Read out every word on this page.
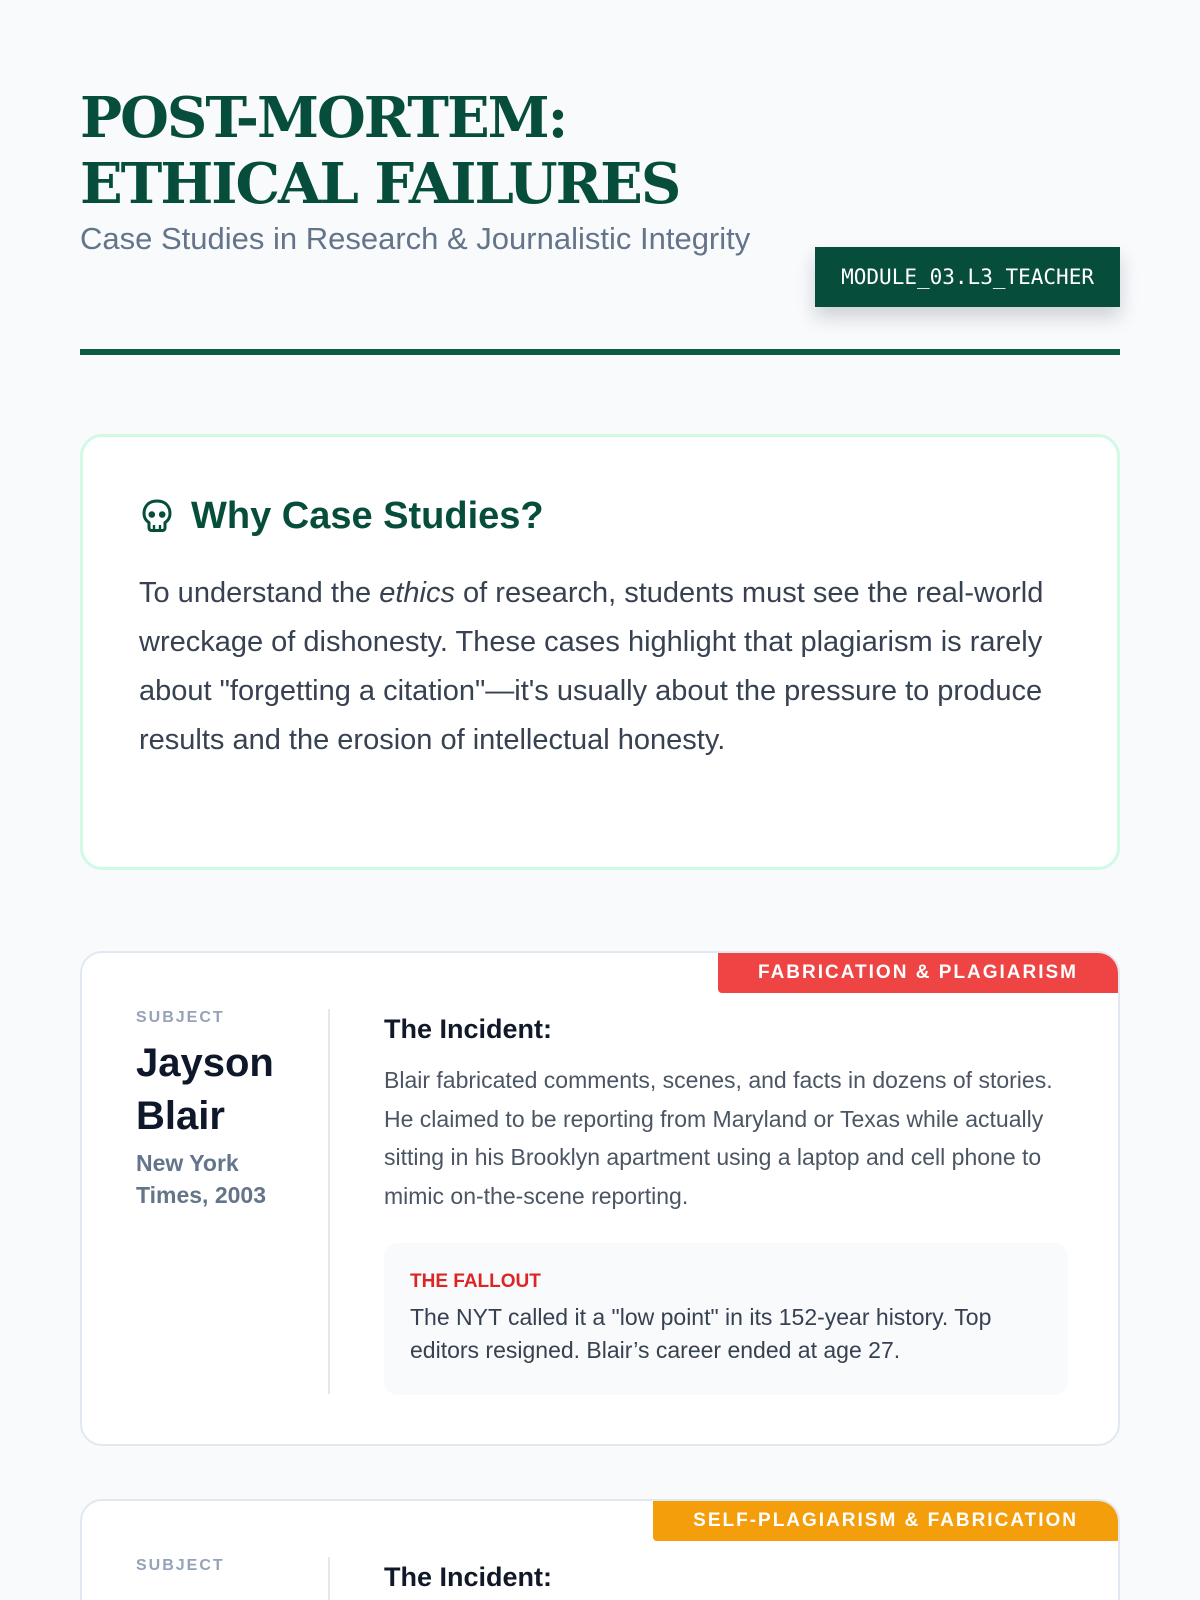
POST-MORTEM:
ETHICAL FAILURES

Case Studies in Research & Journalistic Integrity

MODULE_03.L3_TEACHER
Why Case Studies?

To understand the ethics of research, students must see the real-world wreckage of dishonesty. These cases highlight that plagiarism is rarely about "forgetting a citation"—it's usually about the pressure to produce results and the erosion of intellectual honesty.

FABRICATION & PLAGIARISM
SUBJECT
Jayson
Blair
New York
Times, 2003
The Incident:

Blair fabricated comments, scenes, and facts in dozens of stories. He claimed to be reporting from Maryland or Texas while actually sitting in his Brooklyn apartment using a laptop and cell phone to mimic on-the-scene reporting.

THE FALLOUT

The NYT called it a "low point" in its 152-year history. Top editors resigned. Blair’s career ended at age 27.

SELF-PLAGIARISM & FABRICATION
SUBJECT	The Incident:
